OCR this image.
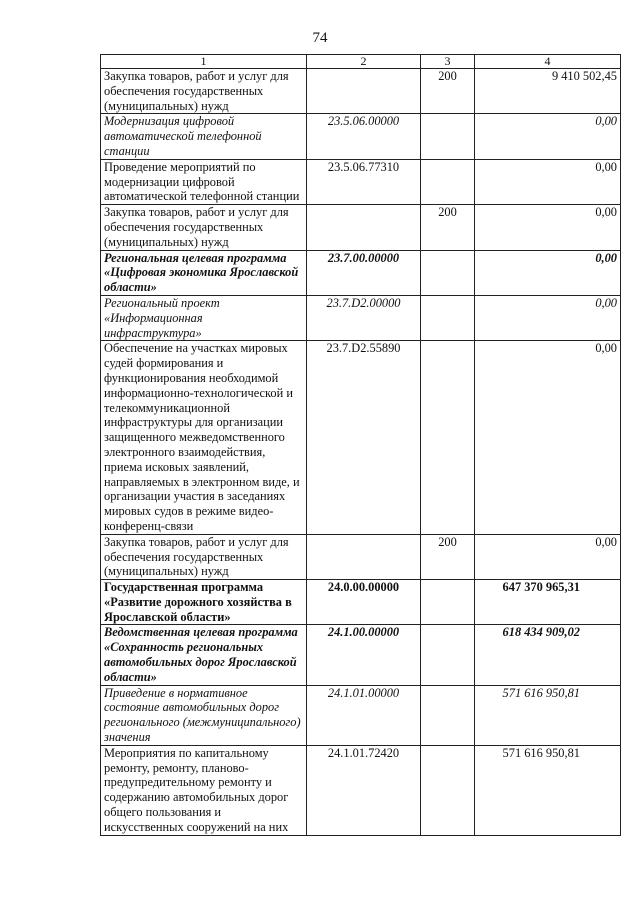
74
1	2	3	4
Закупка товаров, работ и услуг для обеспечения государственных (муниципальных) нужд		200	9 410 502,45
Модернизация цифровой автоматической телефонной станции	23.5.06.00000		0,00
Проведение мероприятий по модернизации цифровой автоматической телефонной станции	23.5.06.77310		0,00
Закупка товаров, работ и услуг для обеспечения государственных (муниципальных) нужд		200	0,00
Региональная целевая программа «Цифровая экономика Ярославской области»	23.7.00.00000		0,00
Региональный проект «Информационная инфраструктура»	23.7.D2.00000		0,00
Обеспечение на участках мировых судей формирования и функционирования необходимой информационно-технологической и телекоммуникационной инфраструктуры для организации защищенного межведомственного электронного взаимодействия, приема исковых заявлений, направляемых в электронном виде, и организации участия в заседаниях мировых судов в режиме видео-конференц-связи	23.7.D2.55890		0,00
Закупка товаров, работ и услуг для обеспечения государственных (муниципальных) нужд		200	0,00
Государственная программа «Развитие дорожного хозяйства в Ярославской области»	24.0.00.00000		647 370 965,31
Ведомственная целевая программа «Сохранность региональных автомобильных дорог Ярославской области»	24.1.00.00000		618 434 909,02
Приведение в нормативное состояние автомобильных дорог регионального (межмуниципального) значения	24.1.01.00000		571 616 950,81
Мероприятия по капитальному ремонту, ремонту, планово-предупредительному ремонту и содержанию автомобильных дорог общего пользования и искусственных сооружений на них	24.1.01.72420		571 616 950,81
